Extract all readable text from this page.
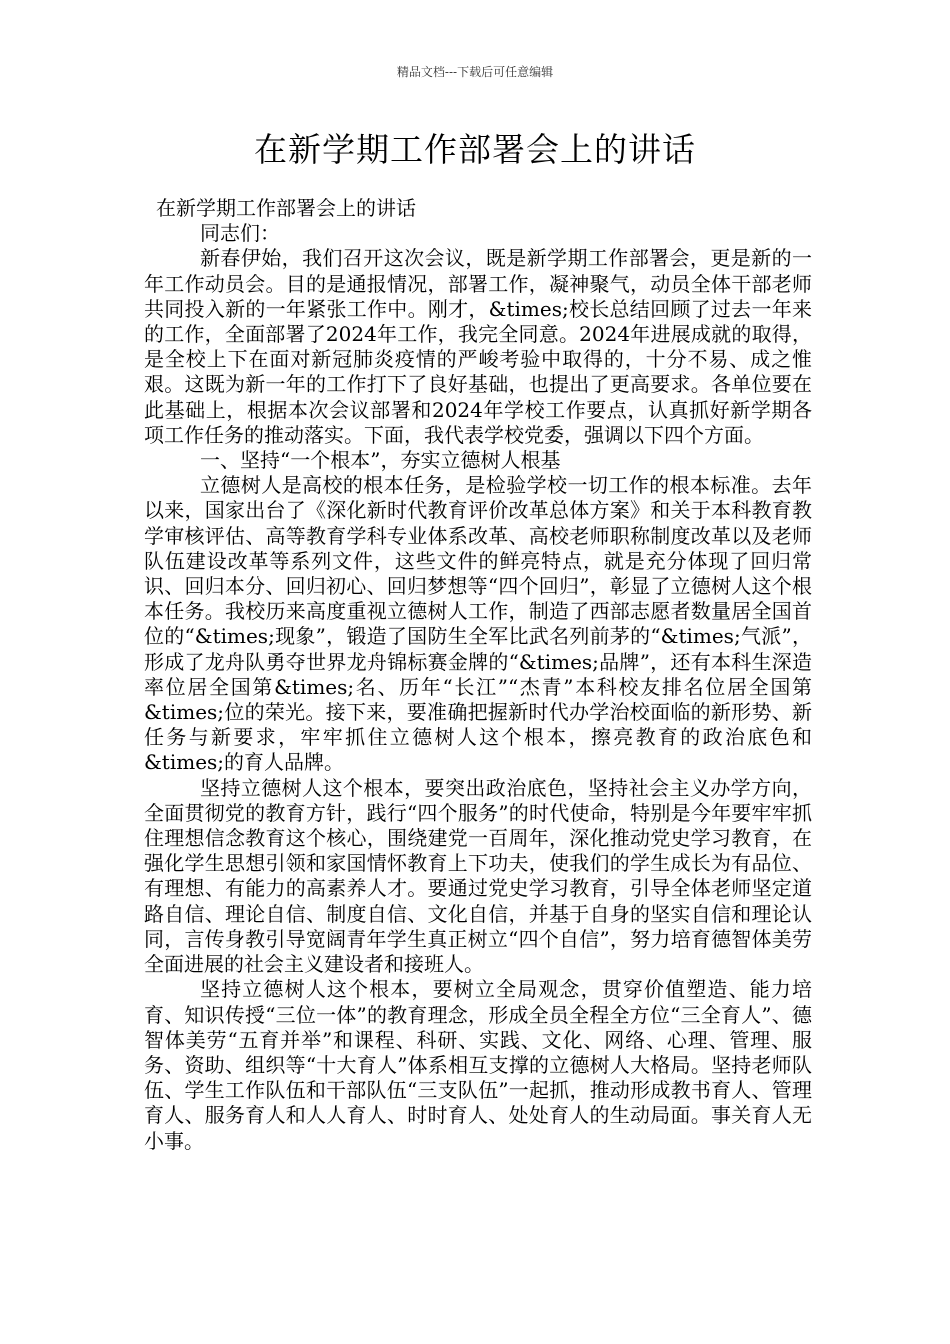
精品文档---下载后可任意编辑
在新学期工作部署会上的讲话

在新学期工作部署会上的讲话

同志们：

新春伊始，我们召开这次会议，既是新学期工作部署会，更是新的一年工作动员会。目的是通报情况，部署工作，凝神聚气，动员全体干部老师共同投入新的一年紧张工作中。刚才，&times;校长总结回顾了过去一年来的工作，全面部署了2024年工作，我完全同意。2024年进展成就的取得，是全校上下在面对新冠肺炎疫情的严峻考验中取得的，十分不易、成之惟艰。这既为新一年的工作打下了良好基础，也提出了更高要求。各单位要在此基础上，根据本次会议部署和2024年学校工作要点，认真抓好新学期各项工作任务的推动落实。下面，我代表学校党委，强调以下四个方面。

一、坚持“一个根本”，夯实立德树人根基

立德树人是高校的根本任务，是检验学校一切工作的根本标准。去年以来，国家出台了《深化新时代教育评价改革总体方案》和关于本科教育教学审核评估、高等教育学科专业体系改革、高校老师职称制度改革以及老师队伍建设改革等系列文件，这些文件的鲜亮特点，就是充分体现了回归常识、回归本分、回归初心、回归梦想等“四个回归”，彰显了立德树人这个根本任务。我校历来高度重视立德树人工作，制造了西部志愿者数量居全国首位的“&times;现象”，锻造了国防生全军比武名列前茅的“&times;气派”，形成了龙舟队勇夺世界龙舟锦标赛金牌的“&times;品牌”，还有本科生深造率位居全国第&times;名、历年“长江”“杰青”本科校友排名位居全国第&times;位的荣光。接下来，要准确把握新时代办学治校面临的新形势、新任务与新要求，牢牢抓住立德树人这个根本，擦亮教育的政治底色和&times;的育人品牌。

坚持立德树人这个根本，要突出政治底色，坚持社会主义办学方向，全面贯彻党的教育方针，践行“四个服务”的时代使命，特别是今年要牢牢抓住理想信念教育这个核心，围绕建党一百周年，深化推动党史学习教育，在强化学生思想引领和家国情怀教育上下功夫，使我们的学生成长为有品位、有理想、有能力的高素养人才。要通过党史学习教育，引导全体老师坚定道路自信、理论自信、制度自信、文化自信，并基于自身的坚实自信和理论认同，言传身教引导宽阔青年学生真正树立“四个自信”，努力培育德智体美劳全面进展的社会主义建设者和接班人。

坚持立德树人这个根本，要树立全局观念，贯穿价值塑造、能力培育、知识传授“三位一体”的教育理念，形成全员全程全方位“三全育人”、德智体美劳“五育并举”和课程、科研、实践、文化、网络、心理、管理、服务、资助、组织等“十大育人”体系相互支撑的立德树人大格局。坚持老师队伍、学生工作队伍和干部队伍“三支队伍”一起抓，推动形成教书育人、管理育人、服务育人和人人育人、时时育人、处处育人的生动局面。事关育人无小事。
